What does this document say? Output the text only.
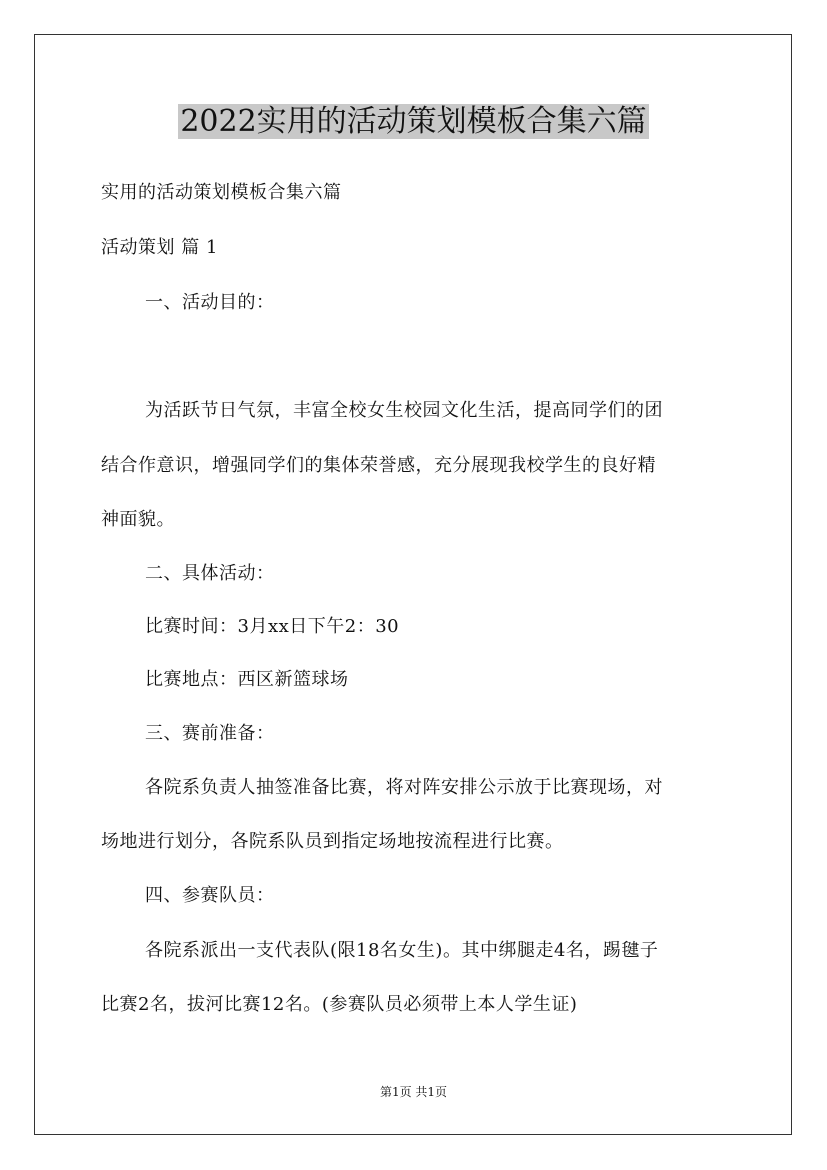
2022实用的活动策划模板合集六篇
实用的活动策划模板合集六篇
活动策划 篇 1
一、活动目的：
为活跃节日气氛，丰富全校女生校园文化生活，提高同学们的团
结合作意识，增强同学们的集体荣誉感，充分展现我校学生的良好精
神面貌。
二、具体活动：
比赛时间：3月xx日下午2：30
比赛地点：西区新篮球场
三、赛前准备：
各院系负责人抽签准备比赛，将对阵安排公示放于比赛现场，对
场地进行划分，各院系队员到指定场地按流程进行比赛。
四、参赛队员：
各院系派出一支代表队(限18名女生)。其中绑腿走4名，踢毽子
比赛2名，拔河比赛12名。(参赛队员必须带上本人学生证)
第1页 共1页
